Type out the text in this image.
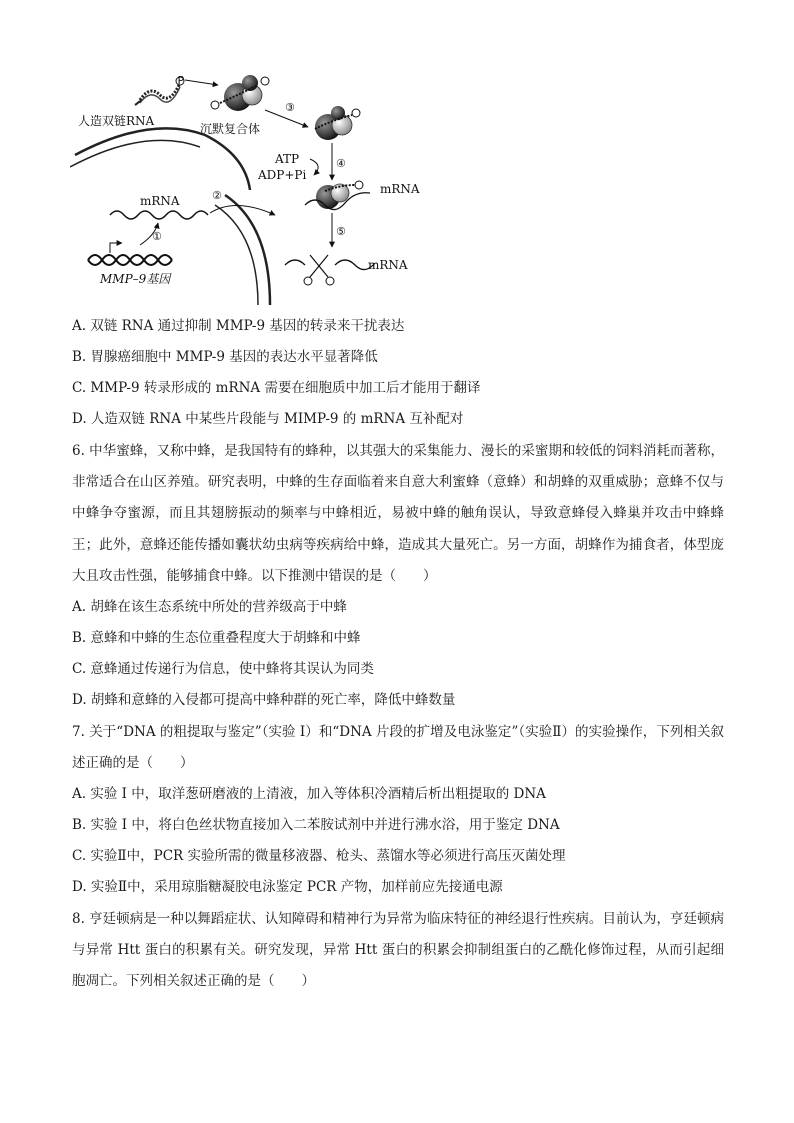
P
人造双链RNA
沉默复合体
③
ATP
ADP+Pi
④
mRNA
⑤
mRNA
mRNA	②
①
MMP–9基因
A. 双链 RNA 通过抑制 MMP-9 基因的转录来干扰表达
B. 胃腺癌细胞中 MMP-9 基因的表达水平显著降低
C. MMP-9 转录形成的 mRNA 需要在细胞质中加工后才能用于翻译
D. 人造双链 RNA 中某些片段能与 MIMP-9 的 mRNA 互补配对
6. 中华蜜蜂，又称中蜂，是我国特有的蜂种，以其强大的采集能力、漫长的采蜜期和较低的饲料消耗而著称，非常适合在山区养殖。研究表明，中蜂的生存面临着来自意大利蜜蜂（意蜂）和胡蜂的双重威胁；意蜂不仅与中蜂争夺蜜源，而且其翅膀振动的频率与中蜂相近，易被中蜂的触角误认，导致意蜂侵入蜂巢并攻击中蜂蜂王；此外，意蜂还能传播如囊状幼虫病等疾病给中蜂，造成其大量死亡。另一方面，胡蜂作为捕食者，体型庞大且攻击性强，能够捕食中蜂。以下推测中错误的是（　　）
A. 胡蜂在该生态系统中所处的营养级高于中蜂
B. 意蜂和中蜂的生态位重叠程度大于胡蜂和中蜂
C. 意蜂通过传递行为信息，使中蜂将其误认为同类
D. 胡蜂和意蜂的入侵都可提高中蜂种群的死亡率，降低中蜂数量
7. 关于“DNA 的粗提取与鉴定”（实验 I）和“DNA 片段的扩增及电泳鉴定”（实验Ⅱ）的实验操作，下列相关叙述正确的是（　　）
A. 实验 I 中，取洋葱研磨液的上清液，加入等体积冷酒精后析出粗提取的 DNA
B. 实验 I 中，将白色丝状物直接加入二苯胺试剂中并进行沸水浴，用于鉴定 DNA
C. 实验Ⅱ中，PCR 实验所需的微量移液器、枪头、蒸馏水等必须进行高压灭菌处理
D. 实验Ⅱ中，采用琼脂糖凝胶电泳鉴定 PCR 产物，加样前应先接通电源
8. 亨廷顿病是一种以舞蹈症状、认知障碍和精神行为异常为临床特征的神经退行性疾病。目前认为，亨廷顿病与异常 Htt 蛋白的积累有关。研究发现，异常 Htt 蛋白的积累会抑制组蛋白的乙酰化修饰过程，从而引起细胞凋亡。下列相关叙述正确的是（　　）
